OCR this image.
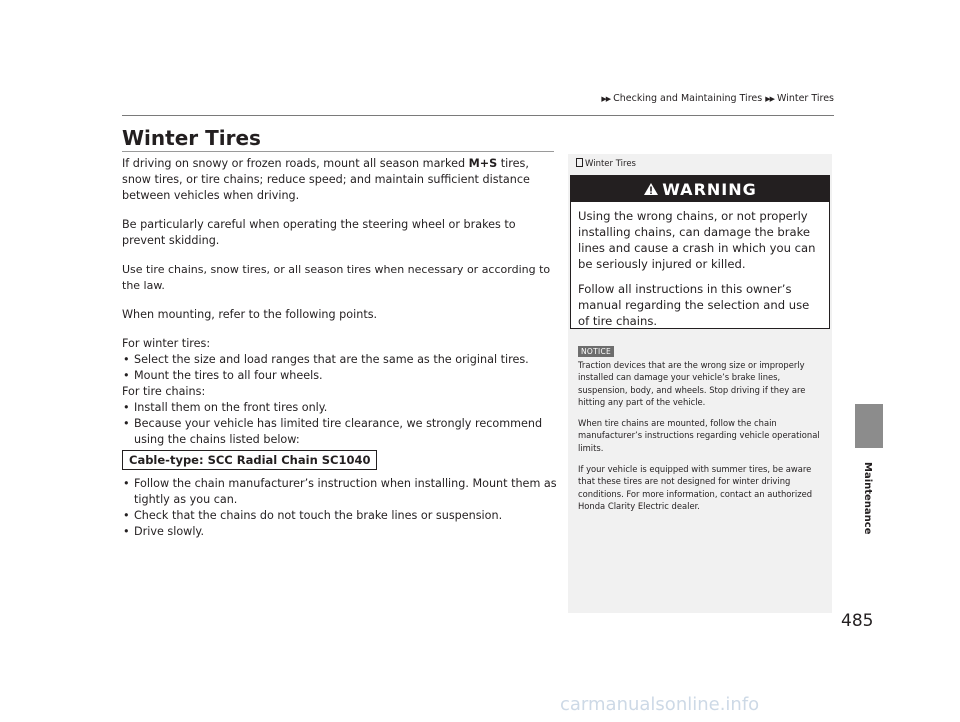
▶▶ Checking and Maintaining Tires ▶▶ Winter Tires
Maintenance
Winter Tires

If driving on snowy or frozen roads, mount all season marked M+S tires, snow tires, or tire chains; reduce speed; and maintain sufficient distance between vehicles when driving.

Be particularly careful when operating the steering wheel or brakes to prevent skidding.

Use tire chains, snow tires, or all season tires when necessary or according to the law.

When mounting, refer to the following points.

For winter tires:
• Select the size and load ranges that are the same as the original tires.
• Mount the tires to all four wheels.
For tire chains:
• Install them on the front tires only.
• Because your vehicle has limited tire clearance, we strongly recommend using the chains listed below:
Cable-type: SCC Radial Chain SC1040
• Follow the chain manufacturer’s instruction when installing. Mount them as tightly as you can.
• Check that the chains do not touch the brake lines or suspension.
• Drive slowly.
Winter Tires
WARNING

Using the wrong chains, or not properly installing chains, can damage the brake lines and cause a crash in which you can be seriously injured or killed.

Follow all instructions in this owner’s manual regarding the selection and use of tire chains.

NOTICE

Traction devices that are the wrong size or improperly installed can damage your vehicle’s brake lines, suspension, body, and wheels. Stop driving if they are hitting any part of the vehicle.

When tire chains are mounted, follow the chain manufacturer’s instructions regarding vehicle operational limits.

If your vehicle is equipped with summer tires, be aware that these tires are not designed for winter driving conditions. For more information, contact an authorized Honda Clarity Electric dealer.

485
carmanualsonline.info
